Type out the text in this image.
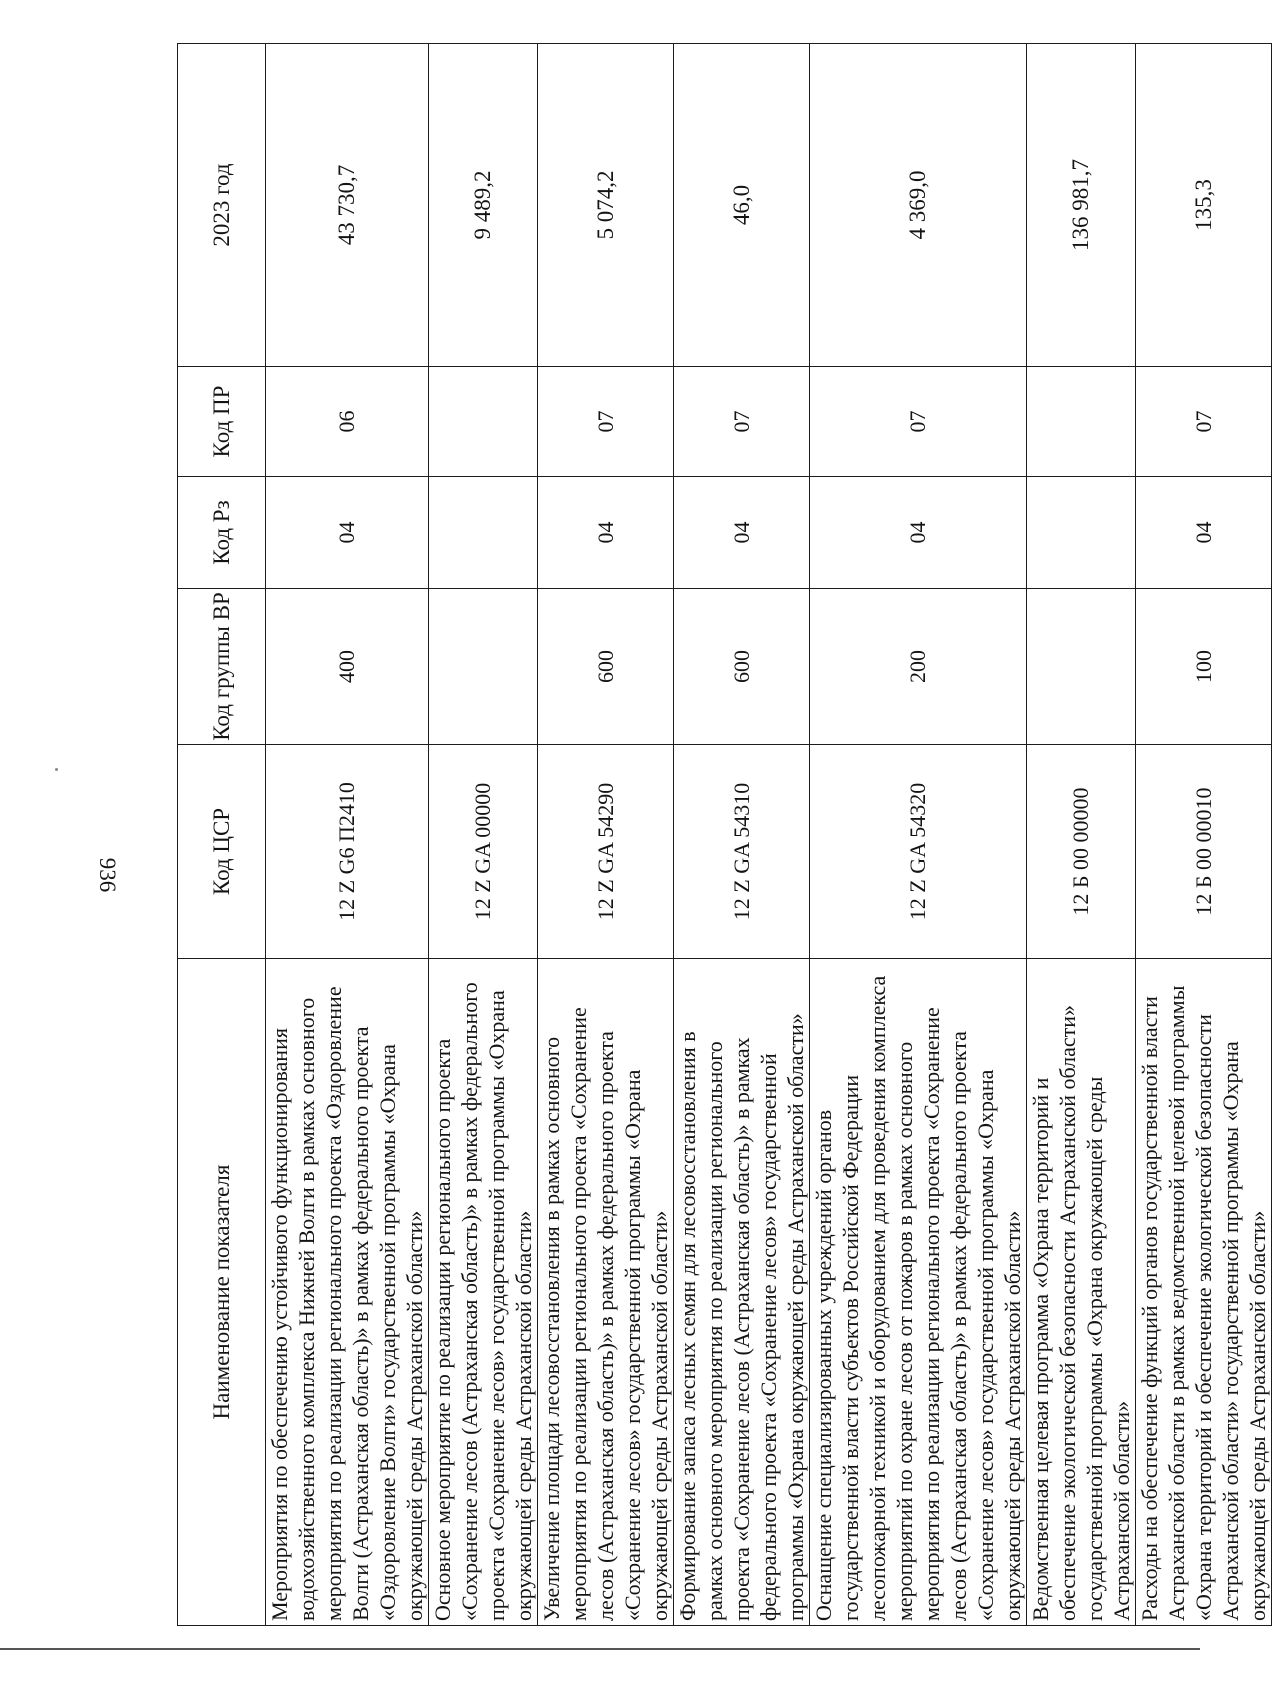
936
Наименование показателя	Код ЦСР	Код группы ВР	Код Рз	Код ПР	2023 год
Мероприятия по обеспечению устойчивого функционирования водохозяйственного комплекса Нижней Волги в рамках основного мероприятия по реализации регионального проекта «Оздоровление Волги (Астраханская область)» в рамках федерального проекта «Оздоровление Волги» государственной программы «Охрана окружающей среды Астраханской области»	12 Z G6 П2410	400	04	06	43 730,7
Основное мероприятие по реализации регионального проекта «Сохранение лесов (Астраханская область)» в рамках федерального проекта «Сохранение лесов» государственной программы «Охрана окружающей среды Астраханской области»	12 Z GA 00000				9 489,2
Увеличение площади лесовосстановления в рамках основного мероприятия по реализации регионального проекта «Сохранение лесов (Астраханская область)» в рамках федерального проекта «Сохранение лесов» государственной программы «Охрана окружающей среды Астраханской области»	12 Z GA 54290	600	04	07	5 074,2
Формирование запаса лесных семян для лесовосстановления в рамках основного мероприятия по реализации регионального проекта «Сохранение лесов (Астраханская область)» в рамках федерального проекта «Сохранение лесов» государственной программы «Охрана окружающей среды Астраханской области»	12 Z GA 54310	600	04	07	46,0
Оснащение специализированных учреждений органов государственной власти субъектов Российской Федерации лесопожарной техникой и оборудованием для проведения комплекса мероприятий по охране лесов от пожаров в рамках основного мероприятия по реализации регионального проекта «Сохранение лесов (Астраханская область)» в рамках федерального проекта «Сохранение лесов» государственной программы «Охрана окружающей среды Астраханской области»	12 Z GA 54320	200	04	07	4 369,0
Ведомственная целевая программа «Охрана территорий и обеспечение экологической безопасности Астраханской области» государственной программы «Охрана окружающей среды Астраханской области»	12 Б 00 00000				136 981,7
Расходы на обеспечение функций органов государственной власти Астраханской области в рамках ведомственной целевой программы «Охрана территорий и обеспечение экологической безопасности Астраханской области» государственной программы «Охрана окружающей среды Астраханской области»	12 Б 00 00010	100	04	07	135,3
